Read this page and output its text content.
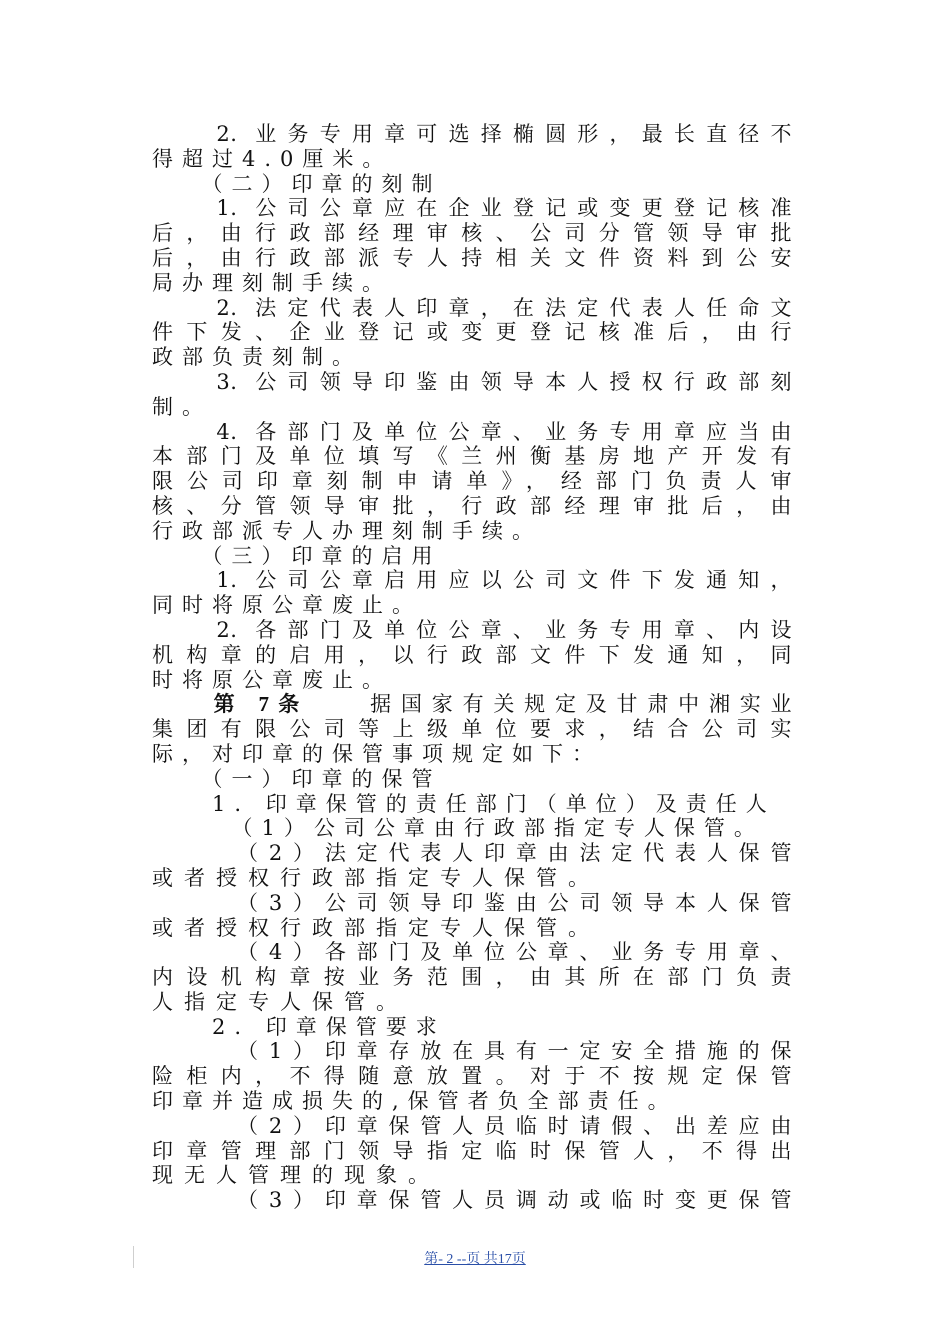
　　2. 业务专用章可选择椭圆形，最长直径不
得超过4.0厘米。
　　（二）印章的刻制
　　1. 公司公章应在企业登记或变更登记核准
后，由行政部经理审核、公司分管领导审批
后，由行政部派专人持相关文件资料到公安
局办理刻制手续。
　　2. 法定代表人印章，在法定代表人任命文
件下发、企业登记或变更登记核准后，由行
政部负责刻制。
　　3. 公司领导印鉴由领导本人授权行政部刻
制。
　　4. 各部门及单位公章、业务专用章应当由
本部门及单位填写《兰州衡基房地产开发有
限公司印章刻制申请单》，经部门负责人审
核、分管领导审批，行政部经理审批后，由
行政部派专人办理刻制手续。
　　（三）印章的启用
　　1. 公司公章启用应以公司文件下发通知，
同时将原公章废止。
　　2. 各部门及单位公章、业务专用章、内设
机构章的启用，以行政部文件下发通知，同
时将原公章废止。
　　第 7条　　	据国家有关规定及甘肃中湘实业
集团有限公司等上级单位要求，结合公司实
际，对印章的保管事项规定如下：
　　（一）印章的保管
　　1. 印章保管的责任部门（单位）及责任人
　　　（1）公司公章由行政部指定专人保管。
　　　（2）法定代表人印章由法定代表人保管
或者授权行政部指定专人保管。
　　　（3）公司领导印鉴由公司领导本人保管
或者授权行政部指定专人保管。
　　　（4）各部门及单位公章、业务专用章、
内设机构章按业务范围，由其所在部门负责
人指定专人保管。
　　2. 印章保管要求
　　　（1）印章存放在具有一定安全措施的保
险柜内，不得随意放置。对于不按规定保管
印章并造成损失的,保管者负全部责任。
　　　（2）印章保管人员临时请假、出差应由
印章管理部门领导指定临时保管人，不得出
现无人管理的现象。
　　　（3）印章保管人员调动或临时变更保管
第- 2 --页 共17页
